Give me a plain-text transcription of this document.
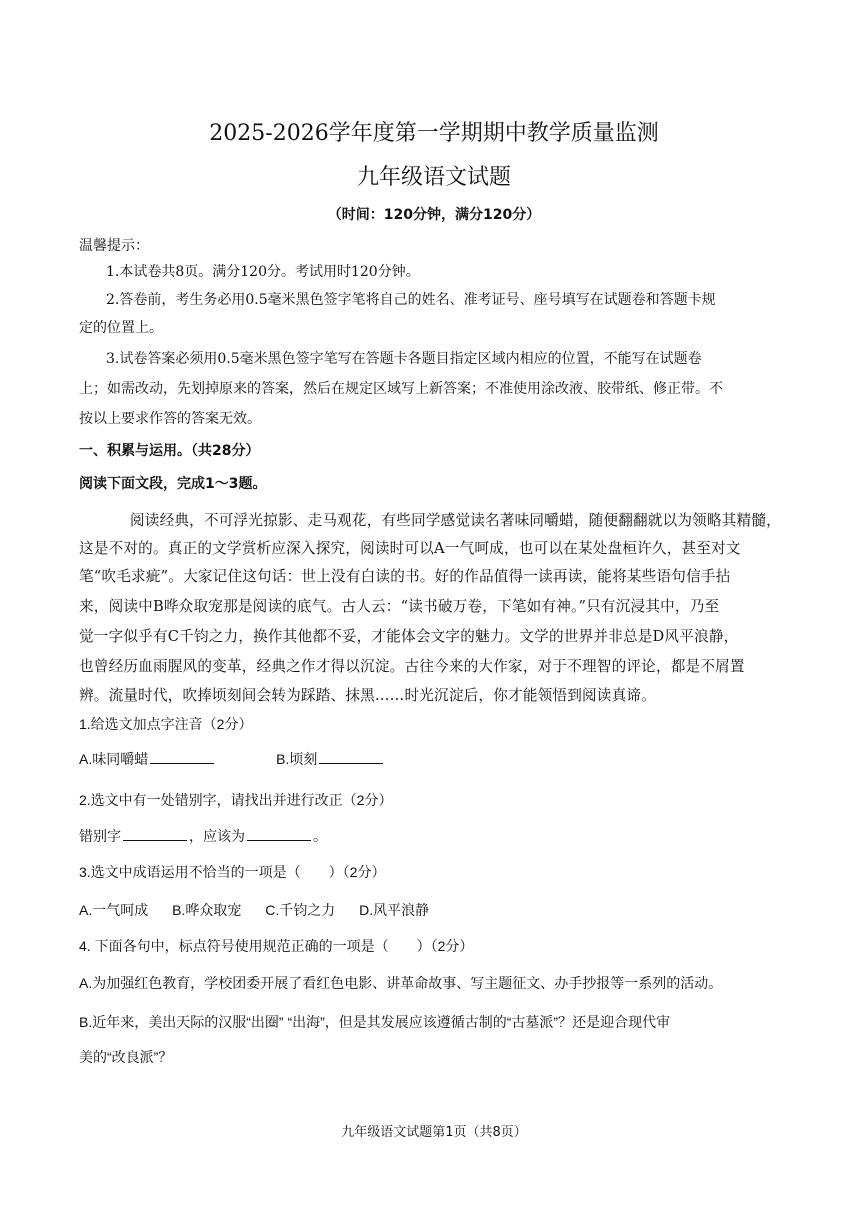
2025-2026学年度第一学期期中教学质量监测
九年级语文试题
（时间：120分钟，满分120分）
温馨提示：
1.本试卷共8页。满分120分。考试用时120分钟。
2.答卷前，考生务必用0.5毫米黑色签字笔将自己的姓名、准考证号、座号填写在试题卷和答题卡规
定的位置上。
3.试卷答案必须用0.5毫米黑色签字笔写在答题卡各题目指定区域内相应的位置，不能写在试题卷
上；如需改动，先划掉原来的答案，然后在规定区域写上新答案；不准使用涂改液、胶带纸、修正带。不
按以上要求作答的答案无效。
一、积累与运用。（共28分）
阅读下面文段，完成1～3题。
阅读经典，不可浮光掠影、走马观花，有些同学感觉读名著味同嚼蜡，随便翻翻就以为领略其精髓，
这是不对的。真正的文学赏析应深入探究，阅读时可以A一气呵成，也可以在某处盘桓许久，甚至对文
笔“吹毛求疵”。大家记住这句话：世上没有白读的书。好的作品值得一读再读，能将某些语句信手拈
来，阅读中B哗众取宠那是阅读的底气。古人云：“读书破万卷，下笔如有神。”只有沉浸其中，乃至
觉一字似乎有C千钧之力，换作其他都不妥，才能体会文字的魅力。文学的世界并非总是D风平浪静，
也曾经历血雨腥风的变革，经典之作才得以沉淀。古往今来的大作家，对于不理智的评论，都是不屑置
辨。流量时代，吹捧顷刻间会转为踩踏、抹黑……时光沉淀后，你才能领悟到阅读真谛。
1.给选文加点字注音（2分）
A.味同嚼蜡	B.顷刻
2.选文中有一处错别字，请找出并进行改正（2分）
错别字	，应该为	。
3.选文中成语运用不恰当的一项是（　　）（2分）
A.一气呵成 B.哗众取宠 C.千钧之力 D.风平浪静
4. 下面各句中，标点符号使用规范正确的一项是（　　）（2分）
A.为加强红色教育，学校团委开展了看红色电影、讲革命故事、写主题征文、办手抄报等一系列的活动。
B.近年来，美出天际的汉服“出圈” “出海”，但是其发展应该遵循古制的“古墓派”？还是迎合现代审
美的“改良派”？
九年级语文试题第1页（共8页）
